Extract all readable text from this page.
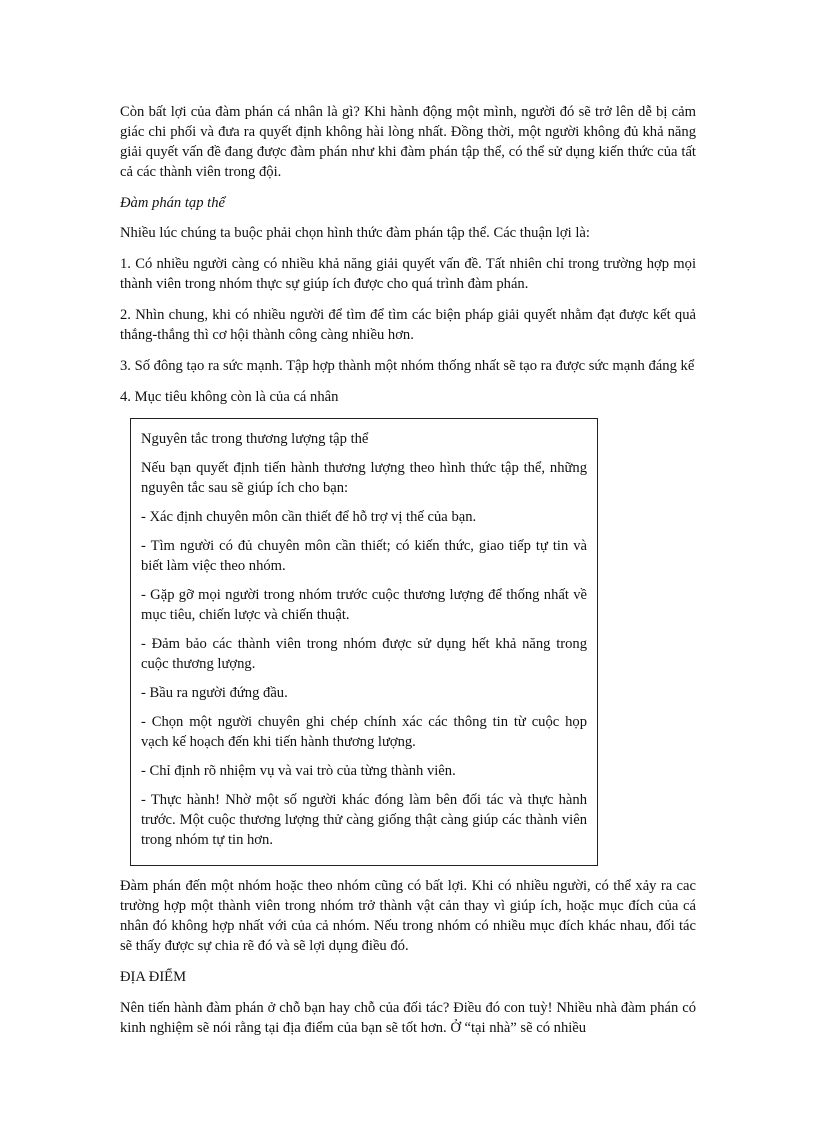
Còn bất lợi của đàm phán cá nhân là gì? Khi hành động một mình, người đó sẽ trở lên dễ bị cảm giác chi phối và đưa ra quyết định không hài lòng nhất. Đồng thời, một người không đủ khả năng giải quyết vấn đề đang được đàm phán như khi đàm phán tập thể, có thể sử dụng kiến thức của tất cả các thành viên trong đội.

Đàm phán tạp thể

Nhiều lúc chúng ta buộc phải chọn hình thức đàm phán tập thể. Các thuận lợi là:

1. Có nhiều người càng có nhiều khả năng giải quyết vấn đề. Tất nhiên chỉ trong trường hợp mọi thành viên trong nhóm thực sự giúp ích được cho quá trình đàm phán.

2. Nhìn chung, khi có nhiều người để tìm để tìm các biện pháp giải quyết nhằm đạt được kết quả thắng-thắng thì cơ hội thành công càng nhiều hơn.

3. Số đông tạo ra sức mạnh. Tập hợp thành một nhóm thống nhất sẽ tạo ra được sức mạnh đáng kể

4. Mục tiêu không còn là của cá nhân

Nguyên tắc trong thương lượng tập thể

Nếu bạn quyết định tiến hành thương lượng theo hình thức tập thể, những nguyên tắc sau sẽ giúp ích cho bạn:

- Xác định chuyên môn cần thiết để hỗ trợ vị thế của bạn.

- Tìm người có đủ chuyên môn cần thiết; có kiến thức, giao tiếp tự tin và biết làm việc theo nhóm.

- Gặp gỡ mọi người trong nhóm trước cuộc thương lượng để thống nhất về mục tiêu, chiến lược và chiến thuật.

- Đảm bảo các thành viên trong nhóm được sử dụng hết khả năng trong cuộc thương lượng.

- Bầu ra người đứng đầu.

- Chọn một người chuyên ghi chép chính xác các thông tin từ cuộc họp vạch kế hoạch đến khi tiến hành thương lượng.

- Chỉ định rõ nhiệm vụ và vai trò của từng thành viên.

- Thực hành! Nhờ một số người khác đóng làm bên đối tác và thực hành trước. Một cuộc thương lượng thử càng giống thật càng giúp các thành viên trong nhóm tự tin hơn.

Đàm phán đến một nhóm hoặc theo nhóm cũng có bất lợi. Khi có nhiều người, có thể xảy ra cac trường hợp một thành viên trong nhóm trở thành vật cản thay vì giúp ích, hoặc mục đích của cá nhân đó không hợp nhất với của cả nhóm. Nếu trong nhóm có nhiều mục đích khác nhau, đối tác sẽ thấy được sự chia rẽ đó và sẽ lợi dụng điều đó.

ĐỊA ĐIỂM

Nên tiến hành đàm phán ở chỗ bạn hay chỗ của đối tác? Điều đó con tuỳ! Nhiều nhà đàm phán có kinh nghiệm sẽ nói rằng tại địa điểm của bạn sẽ tốt hơn. Ở “tại nhà” sẽ có nhiều
